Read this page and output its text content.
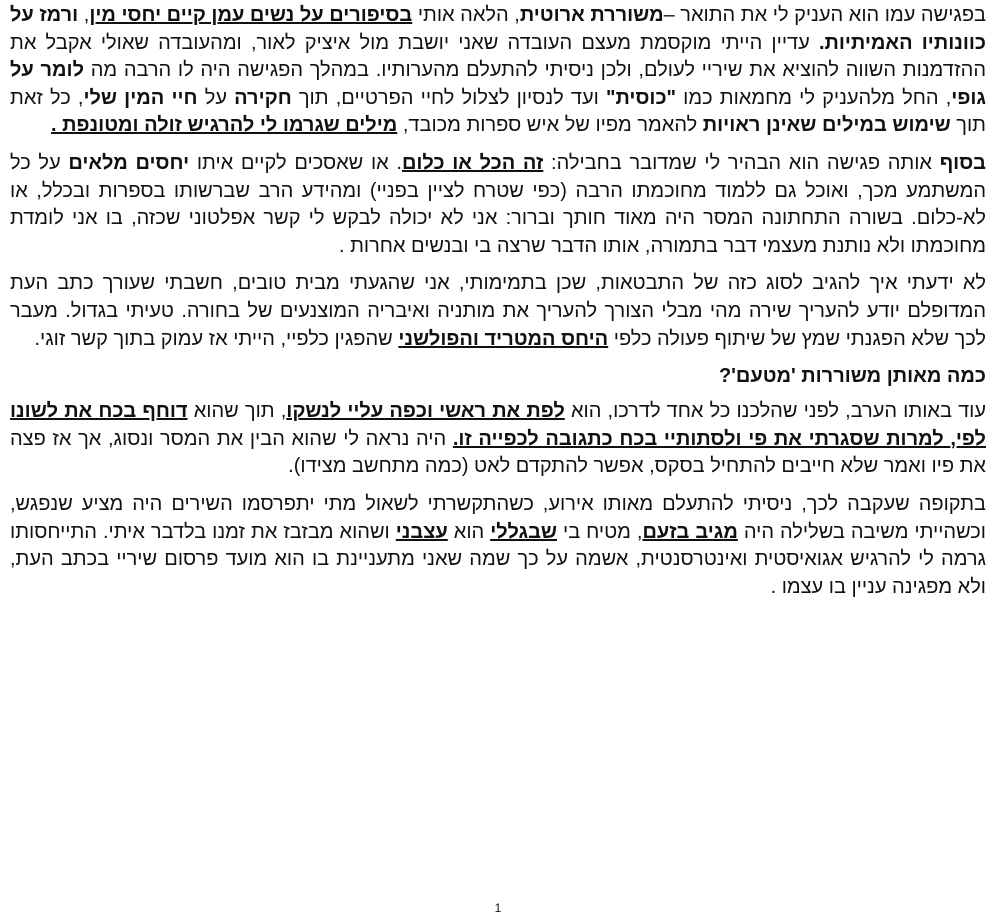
בפגישה עמו הוא העניק לי את התואר –משוררת ארוטית, הלאה אותי בסיפורים על נשים עמן קיים יחסי מין, ורמז על כוונותיו האמיתיות. עדיין הייתי מוקסמת מעצם העובדה שאני יושבת מול איציק לאור, ומהעובדה שאולי אקבל את ההזדמנות השווה להוציא את שיריי לעולם, ולכן ניסיתי להתעלם מהערותיו. במהלך הפגישה היה לו הרבה מה לומר על גופי, החל מלהעניק לי מחמאות כמו "כוסית" ועד לנסיון לצלול לחיי הפרטיים, תוך חקירה על חיי המין שלי, כל זאת תוך שימוש במילים שאינן ראויות להאמר מפיו של איש ספרות מכובד, מילים שגרמו לי להרגיש זולה ומטונפת .

בסוף אותה פגישה הוא הבהיר לי שמדובר בחבילה: זה הכל או כלום. או שאסכים לקיים איתו יחסים מלאים על כל המשתמע מכך, ואוכל גם ללמוד מחוכמתו הרבה (כפי שטרח לציין בפניי) ומהידע הרב שברשותו בספרות ובכלל, או לא-כלום. בשורה התחתונה המסר היה מאוד חותך וברור: אני לא יכולה לבקש לי קשר אפלטוני שכזה, בו אני לומדת מחוכמתו ולא נותנת מעצמי דבר בתמורה, אותו הדבר שרצה בי ובנשים אחרות .

לא ידעתי איך להגיב לסוג כזה של התבטאות, שכן בתמימותי, אני שהגעתי מבית טובים, חשבתי שעורך כתב העת המדופלם יודע להעריך שירה מהי מבלי הצורך להעריך את מותניה ואיבריה המוצנעים של בחורה. טעיתי בגדול. מעבר לכך שלא הפגנתי שמץ של שיתוף פעולה כלפי היחס המטריד והפולשני שהפגין כלפיי, הייתי אז עמוק בתוך קשר זוגי.

כמה מאותן משוררות 'מטעם'?

עוד באותו הערב, לפני שהלכנו כל אחד לדרכו, הוא לפת את ראשי וכפה עליי לנשקו, תוך שהוא דוחף בכח את לשונו לפי, למרות שסגרתי את פי ולסתותיי בכח כתגובה לכפייה זו. היה נראה לי שהוא הבין את המסר ונסוג, אך אז פצה את פיו ואמר שלא חייבים להתחיל בסקס, אפשר להתקדם לאט (כמה מתחשב מצידו).

בתקופה שעקבה לכך, ניסיתי להתעלם מאותו אירוע, כשהתקשרתי לשאול מתי יתפרסמו השירים היה מציע שנפגש, וכשהייתי משיבה בשלילה היה מגיב בזעם, מטיח בי שבגללי הוא עצבני ושהוא מבזבז את זמנו בלדבר איתי. התייחסותו גרמה לי להרגיש אגואיסטית ואינטרסנטית, אשמה על כך שמה שאני מתעניינת בו הוא מועד פרסום שיריי בכתב העת, ולא מפגינה עניין בו עצמו .

1
